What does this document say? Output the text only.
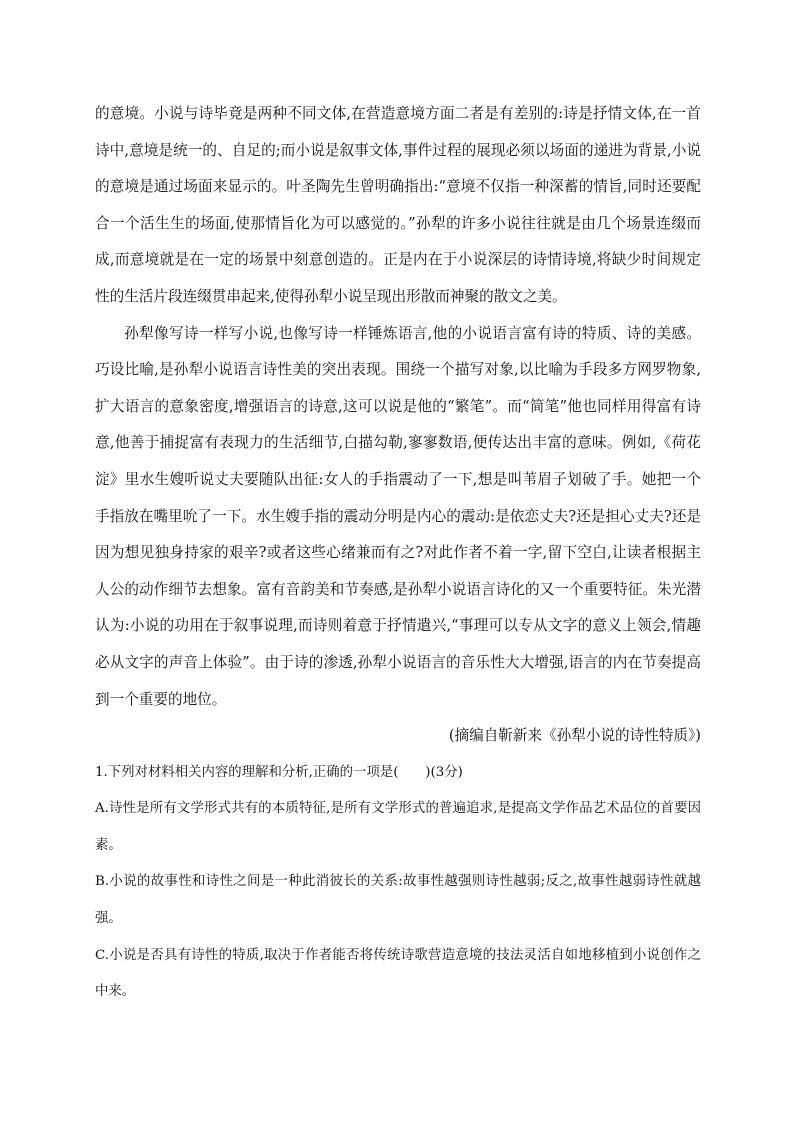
的意境。小说与诗毕竟是两种不同文体,在营造意境方面二者是有差别的:诗是抒情文体,在一首诗中,意境是统一的、自足的;而小说是叙事文体,事件过程的展现必须以场面的递进为背景,小说的意境是通过场面来显示的。叶圣陶先生曾明确指出:“意境不仅指一种深蓄的情旨,同时还要配合一个活生生的场面,使那情旨化为可以感觉的。”孙犁的许多小说往往就是由几个场景连缀而成,而意境就是在一定的场景中刻意创造的。正是内在于小说深层的诗情诗境,将缺少时间规定性的生活片段连缀贯串起来,使得孙犁小说呈现出形散而神聚的散文之美。

孙犁像写诗一样写小说,也像写诗一样锤炼语言,他的小说语言富有诗的特质、诗的美感。巧设比喻,是孙犁小说语言诗性美的突出表现。围绕一个描写对象,以比喻为手段多方网罗物象,扩大语言的意象密度,增强语言的诗意,这可以说是他的“繁笔”。而“简笔”他也同样用得富有诗意,他善于捕捉富有表现力的生活细节,白描勾勒,寥寥数语,便传达出丰富的意味。例如,《荷花淀》里水生嫂听说丈夫要随队出征:女人的手指震动了一下,想是叫苇眉子划破了手。她把一个手指放在嘴里吮了一下。水生嫂手指的震动分明是内心的震动:是依恋丈夫?还是担心丈夫?还是因为想见独身持家的艰辛?或者这些心绪兼而有之?对此作者不着一字,留下空白,让读者根据主人公的动作细节去想象。富有音韵美和节奏感,是孙犁小说语言诗化的又一个重要特征。朱光潜认为:小说的功用在于叙事说理,而诗则着意于抒情遣兴,“事理可以专从文字的意义上领会,情趣必从文字的声音上体验”。由于诗的渗透,孙犁小说语言的音乐性大大增强,语言的内在节奏提高到一个重要的地位。

(摘编自靳新来《孙犁小说的诗性特质》)

1.下列对材料相关内容的理解和分析,正确的一项是(　　)(3分)

A.诗性是所有文学形式共有的本质特征,是所有文学形式的普遍追求,是提高文学作品艺术品位的首要因素。

B.小说的故事性和诗性之间是一种此消彼长的关系:故事性越强则诗性越弱;反之,故事性越弱诗性就越强。

C.小说是否具有诗性的特质,取决于作者能否将传统诗歌营造意境的技法灵活自如地移植到小说创作之中来。
